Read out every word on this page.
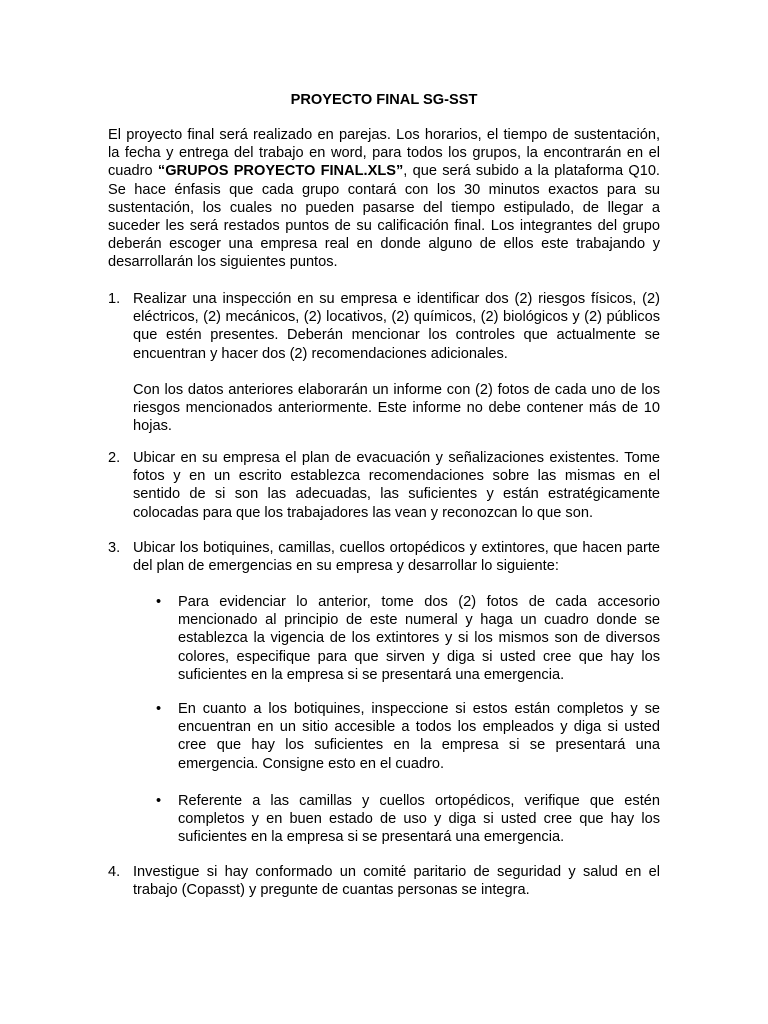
PROYECTO FINAL SG-SST

El proyecto final será realizado en parejas. Los horarios, el tiempo de sustentación, la fecha y entrega del trabajo en word, para todos los grupos, la encontrarán en el cuadro “GRUPOS PROYECTO FINAL.XLS”, que será subido a la plataforma Q10. Se hace énfasis que cada grupo contará con los 30 minutos exactos para su sustentación, los cuales no pueden pasarse del tiempo estipulado, de llegar a suceder les será restados puntos de su calificación final. Los integrantes del grupo deberán escoger una empresa real en donde alguno de ellos este trabajando y desarrollarán los siguientes puntos.

1. Realizar una inspección en su empresa e identificar dos (2) riesgos físicos, (2) eléctricos, (2) mecánicos, (2) locativos, (2) químicos, (2) biológicos y (2) públicos que estén presentes. Deberán mencionar los controles que actualmente se encuentran y hacer dos (2) recomendaciones adicionales.

Con los datos anteriores elaborarán un informe con (2) fotos de cada uno de los riesgos mencionados anteriormente. Este informe no debe contener más de 10 hojas.

2. Ubicar en su empresa el plan de evacuación y señalizaciones existentes. Tome fotos y en un escrito establezca recomendaciones sobre las mismas en el sentido de si son las adecuadas, las suficientes y están estratégicamente colocadas para que los trabajadores las vean y reconozcan lo que son.

3. Ubicar los botiquines, camillas, cuellos ortopédicos y extintores, que hacen parte del plan de emergencias en su empresa y desarrollar lo siguiente:

• Para evidenciar lo anterior, tome dos (2) fotos de cada accesorio mencionado al principio de este numeral y haga un cuadro donde se establezca la vigencia de los extintores y si los mismos son de diversos colores, especifique para que sirven y diga si usted cree que hay los suficientes en la empresa si se presentará una emergencia.

• En cuanto a los botiquines, inspeccione si estos están completos y se encuentran en un sitio accesible a todos los empleados y diga si usted cree que hay los suficientes en la empresa si se presentará una emergencia. Consigne esto en el cuadro.

• Referente a las camillas y cuellos ortopédicos, verifique que estén completos y en buen estado de uso y diga si usted cree que hay los suficientes en la empresa si se presentará una emergencia.

4. Investigue si hay conformado un comité paritario de seguridad y salud en el trabajo (Copasst) y pregunte de cuantas personas se integra.
